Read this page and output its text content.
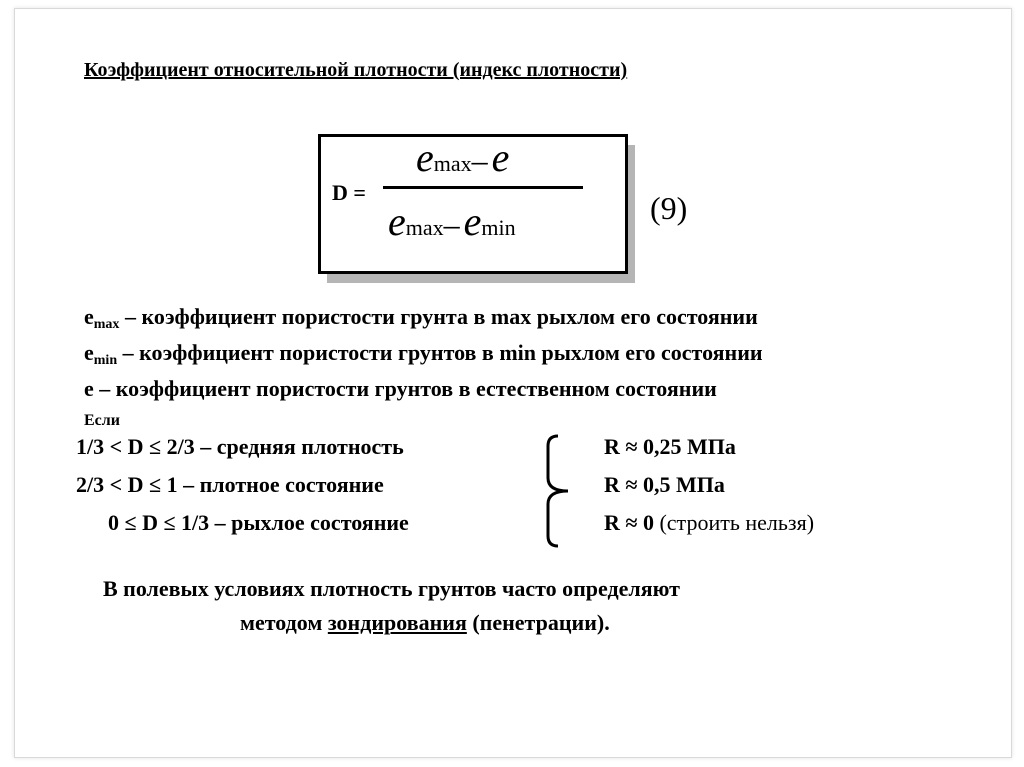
Коэффициент относительной плотности (индекс плотности)
D =
emax– e
emax– emin
(9)
$e_{max}$ – коэффициент пористости грунта в max рыхлом его состоянии
$e_{min}$ – коэффициент пористости грунтов в min рыхлом его состоянии
e – коэффициент пористости грунтов в естественном состоянии
Если
1/3 < D ≤ 2/3 – средняя плотность
2/3 < D ≤ 1 – плотное состояние
0 ≤ D ≤ 1/3 – рыхлое состояние
R ≈ 0,25 МПа
R ≈ 0,5 МПа
R ≈ 0 (строить нельзя)
В полевых условиях плотность грунтов часто определяют
методом зондирования (пенетрации).
